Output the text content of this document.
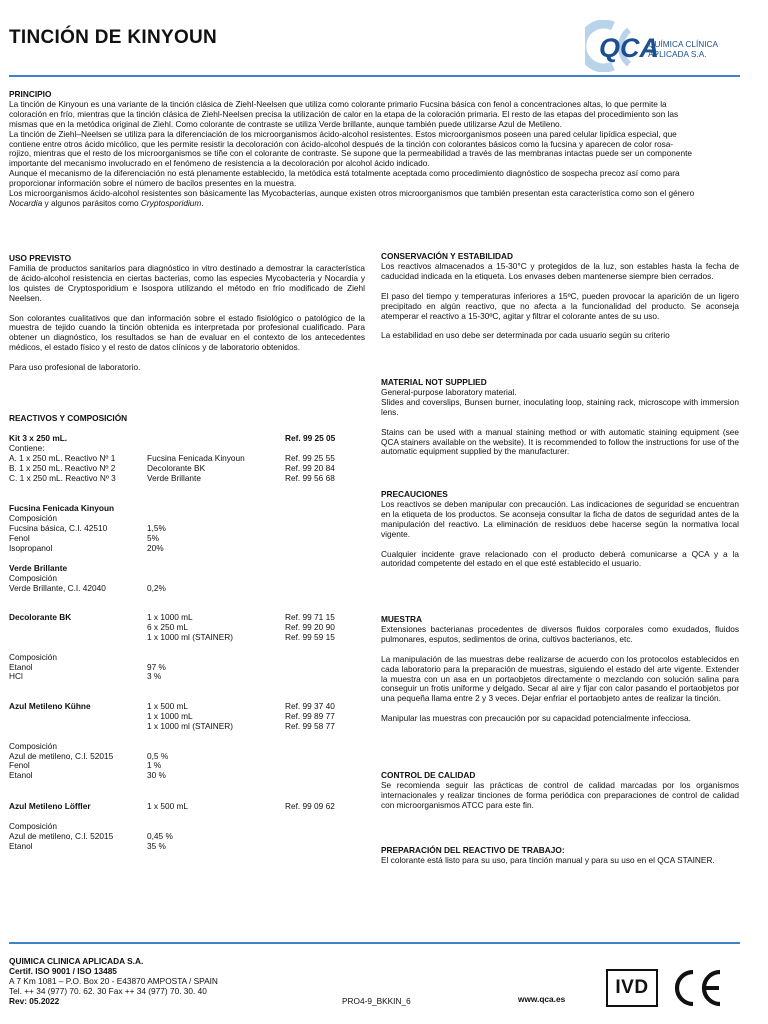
TINCIÓN DE KINYOUN	QCA
QUÍMICA CLÍNICA
APLICADA S.A.
PRINCIPIO
La tinción de Kinyoun es una variante de la tinción clásica de Ziehl-Neelsen que utiliza como colorante primario Fucsina básica con fenol a concentraciones altas, lo que permite la
coloración en frío, mientras que la tinción clásica de Ziehl-Neelsen precisa la utilización de calor en la etapa de la coloración primaria. El resto de las etapas del procedimiento son las
mismas que en la metódica original de Ziehl. Como colorante de contraste se utiliza Verde brillante, aunque también puede utilizarse Azul de Metileno.
La tinción de Ziehl–Neelsen se utiliza para la diferenciación de los microorganismos ácido-alcohol resistentes. Estos microorganismos poseen una pared celular lipídica especial, que
contiene entre otros ácido micólico, que les permite resistir la decoloración con ácido-alcohol después de la tinción con colorantes básicos como la fucsina y aparecen de color rosa-
rojizo, mientras que el resto de los microorganismos se tiñe con el colorante de contraste. Se supone que la permeabilidad a través de las membranas intactas puede ser un componente
importante del mecanismo involucrado en el fenómeno de resistencia a la decoloración por alcohol ácido indicado.
Aunque el mecanismo de la diferenciación no está plenamente establecido, la metódica está totalmente aceptada como procedimiento diagnóstico de sospecha precoz así como para
proporcionar información sobre el número de bacilos presentes en la muestra.
Los microorganismos ácido-alcohol resistentes son básicamente las Mycobacterias, aunque existen otros microorganismos que también presentan esta característica como son el género
Nocardia y algunos parásitos como Cryptosporidium.
USO PREVISTO
Familia de productos sanitarios para diagnóstico in vitro destinado a demostrar la característica de ácido-alcohol resistencia en ciertas bacterias, como las especies Mycobacteria y Nocardia y los quistes de Cryptosporidium e Isospora utilizando el método en frío modificado de Ziehl Neelsen.
Son colorantes cualitativos que dan información sobre el estado fisiológico o patológico de la muestra de tejido cuando la tinción obtenida es interpretada por profesional cualificado. Para obtener un diagnóstico, los resultados se han de evaluar en el contexto de los antecedentes médicos, el estado físico y el resto de datos clínicos y de laboratorio obtenidos.
Para uso profesional de laboratorio.
REACTIVOS Y COMPOSICIÓN
Kit 3 x 250 mL.	Ref. 99 25 05
Contiene:
A. 1 x 250 mL. Reactivo Nº 1	Fucsina Fenicada Kinyoun	Ref. 99 25 55
B. 1 x 250 mL. Reactivo Nº 2	Decolorante BK	Ref. 99 20 84
C. 1 x 250 mL. Reactivo Nº 3	Verde Brillante	Ref. 99 56 68
Fucsina Fenicada Kinyoun
Composición
Fucsina básica, C.I. 42510	1,5%
Fenol	5%
Isopropanol	20%
Verde Brillante
Composición
Verde Brillante, C.I. 42040	0,2%
Decolorante BK	1 x 1000 mL	Ref. 99 71 15
6 x 250 mL	Ref. 99 20 90
1 x 1000 ml (STAINER)	Ref. 99 59 15
Composición
Etanol	97 %
HCl	3 %
Azul Metileno Kühne	1 x 500 mL	Ref. 99 37 40
1 x 1000 mL	Ref. 99 89 77
1 x 1000 ml (STAINER)	Ref. 99 58 77
Composición
Azul de metileno, C.I. 52015	0,5 %
Fenol	1 %
Etanol	30 %
Azul Metileno Löffler	1 x 500 mL	Ref. 99 09 62
Composición
Azul de metileno, C.I. 52015	0,45 %
Etanol	35 %
CONSERVACIÓN Y ESTABILIDAD
Los reactivos almacenados a 15-30°C y protegidos de la luz, son estables hasta la fecha de caducidad indicada en la etiqueta. Los envases deben mantenerse siempre bien cerrados.
El paso del tiempo y temperaturas inferiores a 15ºC, pueden provocar la aparición de un ligero precipitado en algún reactivo, que no afecta a la funcionalidad del producto. Se aconseja atemperar el reactivo a 15-30ºC, agitar y filtrar el colorante antes de su uso.
La estabilidad en uso debe ser determinada por cada usuario según su criterio
MATERIAL NOT SUPPLIED
General-purpose laboratory material.
Slides and coverslips, Bunsen burner, inoculating loop, staining rack, microscope with immersion lens.
Stains can be used with a manual staining method or with automatic staining equipment (see QCA stainers available on the website). It is recommended to follow the instructions for use of the automatic equipment supplied by the manufacturer.
PRECAUCIONES
Los reactivos se deben manipular con precaución. Las indicaciones de seguridad se encuentran en la etiqueta de los productos. Se aconseja consultar la ficha de datos de seguridad antes de la manipulación del reactivo. La eliminación de residuos debe hacerse según la normativa local vigente.
Cualquier incidente grave relacionado con el producto deberá comunicarse a QCA y a la autoridad competente del estado en el que esté establecido el usuario.
MUESTRA
Extensiones bacterianas procedentes de diversos fluidos corporales como exudados, fluidos pulmonares, esputos, sedimentos de orina, cultivos bacterianos, etc.
La manipulación de las muestras debe realizarse de acuerdo con los protocolos establecidos en cada laboratorio para la preparación de muestras, siguiendo el estado del arte vigente. Extender la muestra con un asa en un portaobjetos directamente o mezclando con solución salina para conseguir un frotis uniforme y delgado. Secar al aire y fijar con calor pasando el portaobjetos por una pequeña llama entre 2 y 3 veces. Dejar enfriar el portaobjeto antes de realizar la tinción.
Manipular las muestras con precaución por su capacidad potencialmente infecciosa.
CONTROL DE CALIDAD
Se recomienda seguir las prácticas de control de calidad marcadas por los organismos internacionales y realizar tinciones de forma periódica con preparaciones de control de calidad con microorganismos ATCC para este fin.
PREPARACIÓN DEL REACTIVO DE TRABAJO:
El colorante está listo para su uso, para tinción manual y para su uso en el QCA STAINER.
QUIMICA CLINICA APLICADA S.A.
Certif. ISO 9001 / ISO 13485
A 7 Km 1081 – P.O. Box 20 - E43870 AMPOSTA / SPAIN
Tel. ++ 34 (977) 70. 62. 30 Fax ++ 34 (977) 70. 30. 40
Rev: 05.2022	PRO4-9_BKKIN_6	www.qca.es
IVD
